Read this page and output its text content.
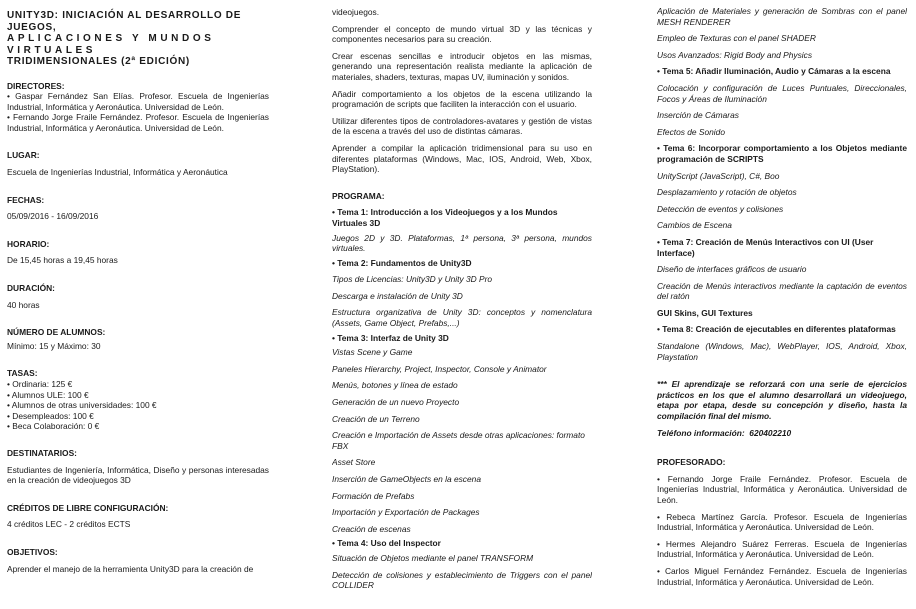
UNITY3D: INICIACIÓN AL DESARROLLO DE JUEGOS,
APLICACIONES Y MUNDOS VIRTUALES
TRIDIMENSIONALES (2ª EDICIÓN)

DIRECTORES:

• Gaspar Fernández San Elías. Profesor. Escuela de Ingenierías Industrial, Informática y Aeronáutica. Universidad de León.

• Fernando Jorge Fraile Fernández. Profesor. Escuela de Ingenierías Industrial, Informática y Aeronáutica. Universidad de León.

LUGAR:

Escuela de Ingenierías Industrial, Informática y Aeronáutica

FECHAS:

05/09/2016 - 16/09/2016

HORARIO:

De 15,45 horas a 19,45 horas

DURACIÓN:

40 horas

NÚMERO DE ALUMNOS:

Mínimo: 15 y Máximo: 30

TASAS:

• Ordinaria: 125 €

• Alumnos ULE: 100 €

• Alumnos de otras universidades: 100 €

• Desempleados: 100 €

• Beca Colaboración: 0 €

DESTINATARIOS:

Estudiantes de Ingeniería, Informática, Diseño y personas interesadas en la creación de videojuegos 3D

CRÉDITOS DE LIBRE CONFIGURACIÓN:

4 créditos LEC - 2 créditos ECTS

OBJETIVOS:

Aprender el manejo de la herramienta Unity3D para la creación de

videojuegos.

Comprender el concepto de mundo virtual 3D y las técnicas y componentes necesarios para su creación.

Crear escenas sencillas e introducir objetos en las mismas, generando una representación realista mediante la aplicación de materiales, shaders, texturas, mapas UV, iluminación y sonidos.

Añadir comportamiento a los objetos de la escena utilizando la programación de scripts que faciliten la interacción con el usuario.

Utilizar diferentes tipos de controladores-avatares y gestión de vistas de la escena a través del uso de distintas cámaras.

Aprender a compilar la aplicación tridimensional para su uso en diferentes plataformas (Windows, Mac, IOS, Android, Web, Xbox, PlayStation).

PROGRAMA:

• Tema 1: Introducción a los Videojuegos y a los Mundos Virtuales 3D

Juegos 2D y 3D. Plataformas, 1ª persona, 3ª persona, mundos virtuales.

• Tema 2: Fundamentos de Unity3D

Tipos de Licencias: Unity3D y Unity 3D Pro

Descarga e instalación de Unity 3D

Estructura organizativa de Unity 3D: conceptos y nomenclatura (Assets, Game Object, Prefabs,...)

• Tema 3: Interfaz de Unity 3D

Vistas Scene y Game

Paneles Hierarchy, Project, Inspector, Console y Animator

Menús, botones y línea de estado

Generación de un nuevo Proyecto

Creación de un Terreno

Creación e Importación de Assets desde otras aplicaciones: formato FBX

Asset Store

Inserción de GameObjects en la escena

Formación de Prefabs

Importación y Exportación de Packages

Creación de escenas

• Tema 4: Uso del Inspector

Situación de Objetos mediante el panel TRANSFORM

Detección de colisiones y establecimiento de Triggers con el panel COLLIDER

Aplicación de Materiales y generación de Sombras con el panel MESH RENDERER

Empleo de Texturas con el panel SHADER

Usos Avanzados: Rigid Body and Physics

• Tema 5: Añadir Iluminación, Audio y Cámaras a la escena

Colocación y configuración de Luces Puntuales, Direccionales, Focos y Áreas de Iluminación

Inserción de Cámaras

Efectos de Sonido

• Tema 6: Incorporar comportamiento a los Objetos mediante programación de SCRIPTS

UnityScript (JavaScript), C#, Boo

Desplazamiento y rotación de objetos

Detección de eventos y colisiones

Cambios de Escena

• Tema 7: Creación de Menús Interactivos con UI (User Interface)

Diseño de interfaces gráficos de usuario

Creación de Menús interactivos mediante la captación de eventos del ratón

GUI Skins, GUI Textures

• Tema 8: Creación de ejecutables en diferentes plataformas

Standalone (Windows, Mac), WebPlayer, IOS, Android, Xbox, Playstation

*** El aprendizaje se reforzará con una serie de ejercicios prácticos en los que el alumno desarrollará un videojuego, etapa por etapa, desde su concepción y diseño, hasta la compilación final del mismo.

Teléfono información: 620402210

PROFESORADO:

• Fernando Jorge Fraile Fernández. Profesor. Escuela de Ingenierías Industrial, Informática y Aeronáutica. Universidad de León.

• Rebeca Martínez García. Profesor. Escuela de Ingenierías Industrial, Informática y Aeronáutica. Universidad de León.

• Hermes Alejandro Suárez Ferreras. Escuela de Ingenierías Industrial, Informática y Aeronáutica. Universidad de León.

• Carlos Miguel Fernández Fernández. Escuela de Ingenierías Industrial, Informática y Aeronáutica. Universidad de León.
